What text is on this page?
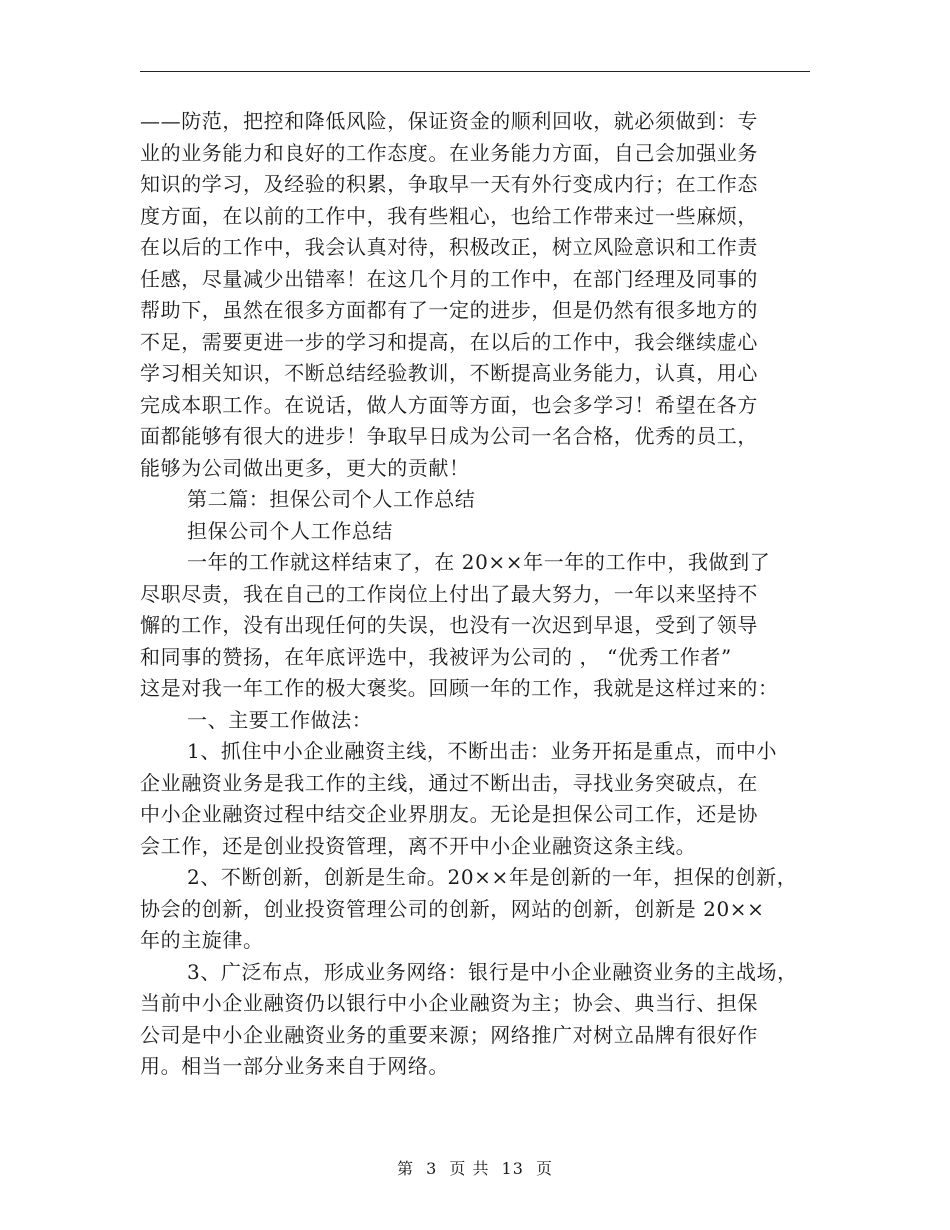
——防范，把控和降低风险，保证资金的顺利回收，就必须做到：专
业的业务能力和良好的工作态度。在业务能力方面，自己会加强业务
知识的学习，及经验的积累，争取早一天有外行变成内行；在工作态
度方面，在以前的工作中，我有些粗心，也给工作带来过一些麻烦，
在以后的工作中，我会认真对待，积极改正，树立风险意识和工作责
任感，尽量减少出错率！在这几个月的工作中，在部门经理及同事的
帮助下，虽然在很多方面都有了一定的进步，但是仍然有很多地方的
不足，需要更进一步的学习和提高，在以后的工作中，我会继续虚心
学习相关知识，不断总结经验教训，不断提高业务能力，认真，用心
完成本职工作。在说话，做人方面等方面，也会多学习！希望在各方
面都能够有很大的进步！争取早日成为公司一名合格，优秀的员工，
能够为公司做出更多，更大的贡献！
第二篇：担保公司个人工作总结
担保公司个人工作总结
一年的工作就这样结束了，在 20××年一年的工作中，我做到了
尽职尽责，我在自己的工作岗位上付出了最大努力，一年以来坚持不
懈的工作，没有出现任何的失误，也没有一次迟到早退，受到了领导
和同事的赞扬，在年底评选中，我被评为公司的 ， “优秀工作者”
这是对我一年工作的极大褒奖。回顾一年的工作，我就是这样过来的：
一、主要工作做法：
1、抓住中小企业融资主线，不断出击：业务开拓是重点，而中小
企业融资业务是我工作的主线，通过不断出击，寻找业务突破点，在
中小企业融资过程中结交企业界朋友。无论是担保公司工作，还是协
会工作，还是创业投资管理，离不开中小企业融资这条主线。
2、不断创新，创新是生命。20××年是创新的一年，担保的创新，
协会的创新，创业投资管理公司的创新，网站的创新，创新是 20××
年的主旋律。
3、广泛布点，形成业务网络：银行是中小企业融资业务的主战场，
当前中小企业融资仍以银行中小企业融资为主；协会、典当行、担保
公司是中小企业融资业务的重要来源；网络推广对树立品牌有很好作
用。相当一部分业务来自于网络。
第 3 页 共 13 页
